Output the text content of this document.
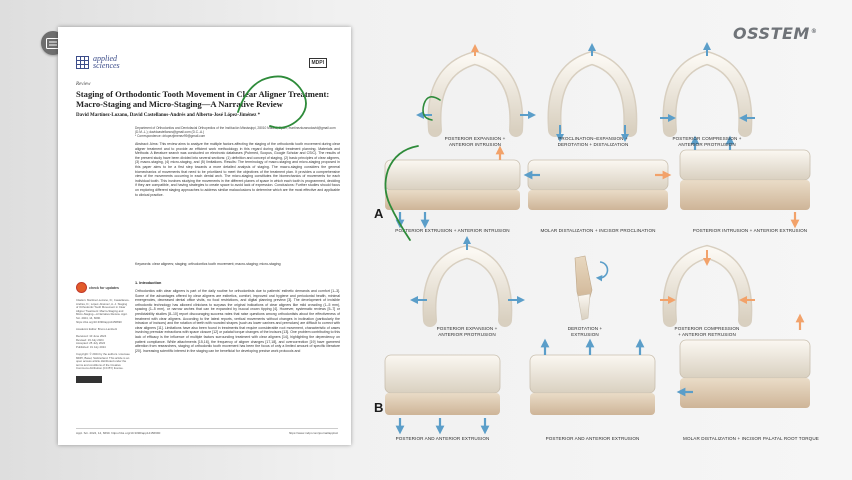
OSSTEM®
applied
sciences	MDPI
Review
Staging of Orthodontic Tooth Movement in Clear Aligner Treatment: Macro-Staging and Micro-Staging—A Narrative Review
David Martínez-Lozano, David Castellanos-Andrés and Alberto-José López-Jiménez *
Department of Orthodontics and Dentofacial Orthopedics of the Institución Mississippi, 28010 Madrid, Spain; martinezlozanodavid@gmail.com (D.M.-L.); davidcastellanos@gmail.com (D.C.-A.)
* Correspondence: drlopezjimenez99@gmail.com
Abstract: Aims: This review aims to analyze the multiple factors affecting the staging of the orthodontic tooth movement during clear aligner treatment and to provide an efficient work methodology in this regard during digital treatment planning. Materials and Methods: A literature search was conducted on electronic databases (Pubmed, Scopus, Google Scholar and CSIC). The results of the present study have been divided into several sections: (1) definition and concept of staging, (2) basic principles of clear aligners, (3) macro-staging, (4) micro-staging, and (5) limitations. Results: The terminology of macro-staging and micro-staging proposed in this paper aims to be a first step towards a more detailed analysis of staging. The macro-staging considers the general biomechanics of movements that need to be prioritized to meet the objectives of the treatment plan. It provides a comprehensive view of the movements occurring in each dental arch. The micro-staging constitutes the biomechanics of movements for each individual tooth. This involves studying the movements in the different planes of space in which each tooth is programmed, deciding if they are compatible, and having strategies to create space to avoid lack of expression. Conclusions: Further studies should focus on exploring different staging approaches to address similar malocclusions to determine which are the most effective and applicable to clinical practice.
Keywords: clear aligners; staging; orthodontics tooth movement; macro-staging; micro-staging
check for updates
Citation: Martínez-Lozano, D.; Castellanos-Andrés, D.; López-Jiménez, A.-J. Staging of Orthodontic Tooth Movement in Clear Aligner Treatment: Macro-Staging and Micro-Staging—A Narrative Review. Appl. Sci. 2024, 14, 6690. https://doi.org/10.3390/app14156690

Academic Editor: Bruno Lamberti

Received: 10 June 2024
Revised: 19 July 2024
Accepted: 25 July 2024
Published: 31 July 2024

Copyright: © 2024 by the authors. Licensee MDPI, Basel, Switzerland. This article is an open access article distributed under the terms and conditions of the Creative Commons Attribution (CC BY) license.
1. Introduction
Orthodontics with clear aligners is part of the daily routine for orthodontists due to patients' esthetic demands and comfort [1–3]. Some of the advantages offered by clear aligners are esthetics, comfort, improved oral hygiene and periodontal health, minimal emergencies, decreased dental office visits, no food restrictions, and digital planning preview [3]. The development of invisible orthodontic technology has allowed clinicians to surpass the original indications of clear aligners like mild crowding (1–5 mm), spacing (1–5 mm), or narrow arches that can be expanded by buccal crown tipping [4]. However, systematic reviews [5–7] or predictability studies [8–10] report discouraging success rates that raise questions among orthodontists about the effectiveness of treatment with clear aligners. According to the latest reports, vertical movements without changes in inclination (particularly the intrusion of incisors) and the rotation of teeth with rounded shapes (such as lower canines and premolars) are difficult to correct with clear aligners [11]. Limitations have also been found in treatments that require considerable root movement, characteristic of cases involving premolar extractions with space closure [12] or palatal torque changes of the incisors [13]. One problem contributing to this lack of efficacy is the influence of multiple factors surrounding treatment with clear aligners [14], highlighting the dependency on patient compliance. While attachments [15,16], the frequency of aligner changes [17,18], and overcorrection [19] have garnered attention from researchers, staging of orthodontic tooth movement has been the focus of only a limited amount of specific literature [20]. Increasing scientific interest in the staging can be beneficial for developing precise work protocols and
Appl. Sci. 2024, 14, 6690. https://doi.org/10.3390/app14156690	https://www.mdpi.com/journal/applsci
POSTERIOR EXPANSION +
ANTERIOR INTRUSION
PROCLINATION–EXPANSION +
DEROTATION + DISTALIZATION
POSTERIOR COMPRESSION +
ANTERIOR PROTRUSION
POSTERIOR EXTRUSION + ANTERIOR INTRUSION	MOLAR DISTALIZATION + INCISOR PROCLINATION	POSTERIOR INTRUSION + ANTERIOR EXTRUSION
POSTERIOR EXPANSION +
ANTERIOR PROTRUSION
DEROTATION +
EXTRUSION
POSTERIOR COMPRESSION
+ ANTERIOR RETRUSION
POSTERIOR AND ANTERIOR EXTRUSION	POSTERIOR AND ANTERIOR EXTRUSION	MOLAR DISTALIZATION + INCISOR PALATAL ROOT TORQUE
A
B
